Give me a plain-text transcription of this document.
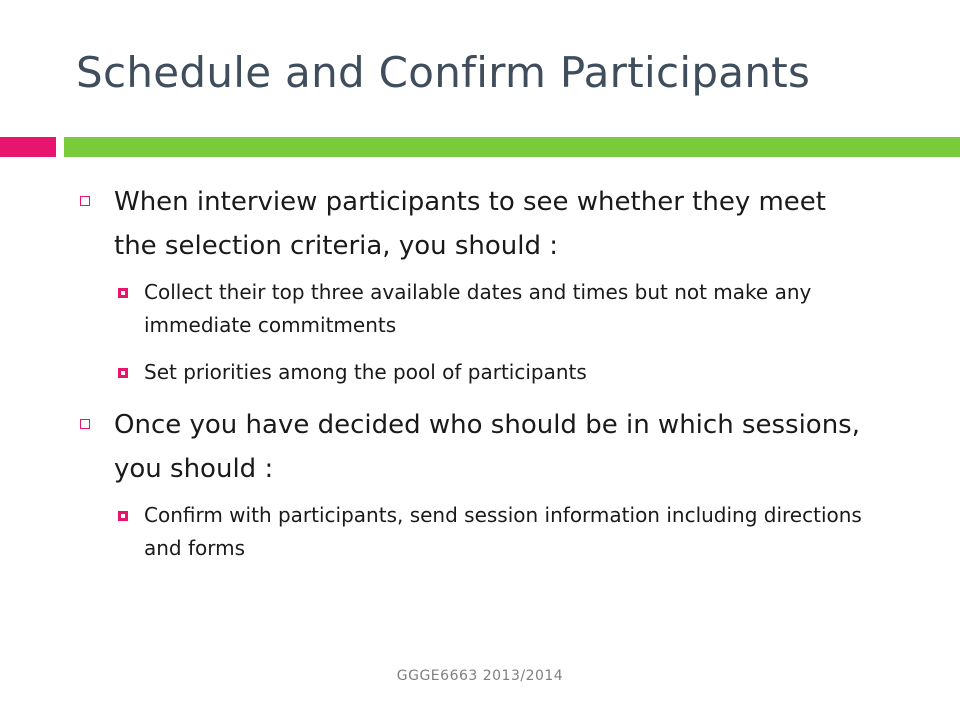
Schedule and Confirm Participants
When interview participants to see whether they meet the selection criteria, you should :
Collect their top three available dates and times but not make any immediate commitments
Set priorities among the pool of participants
Once you have decided who should be in which sessions, you should :
Confirm with participants, send session information including directions and forms
GGGE6663 2013/2014
